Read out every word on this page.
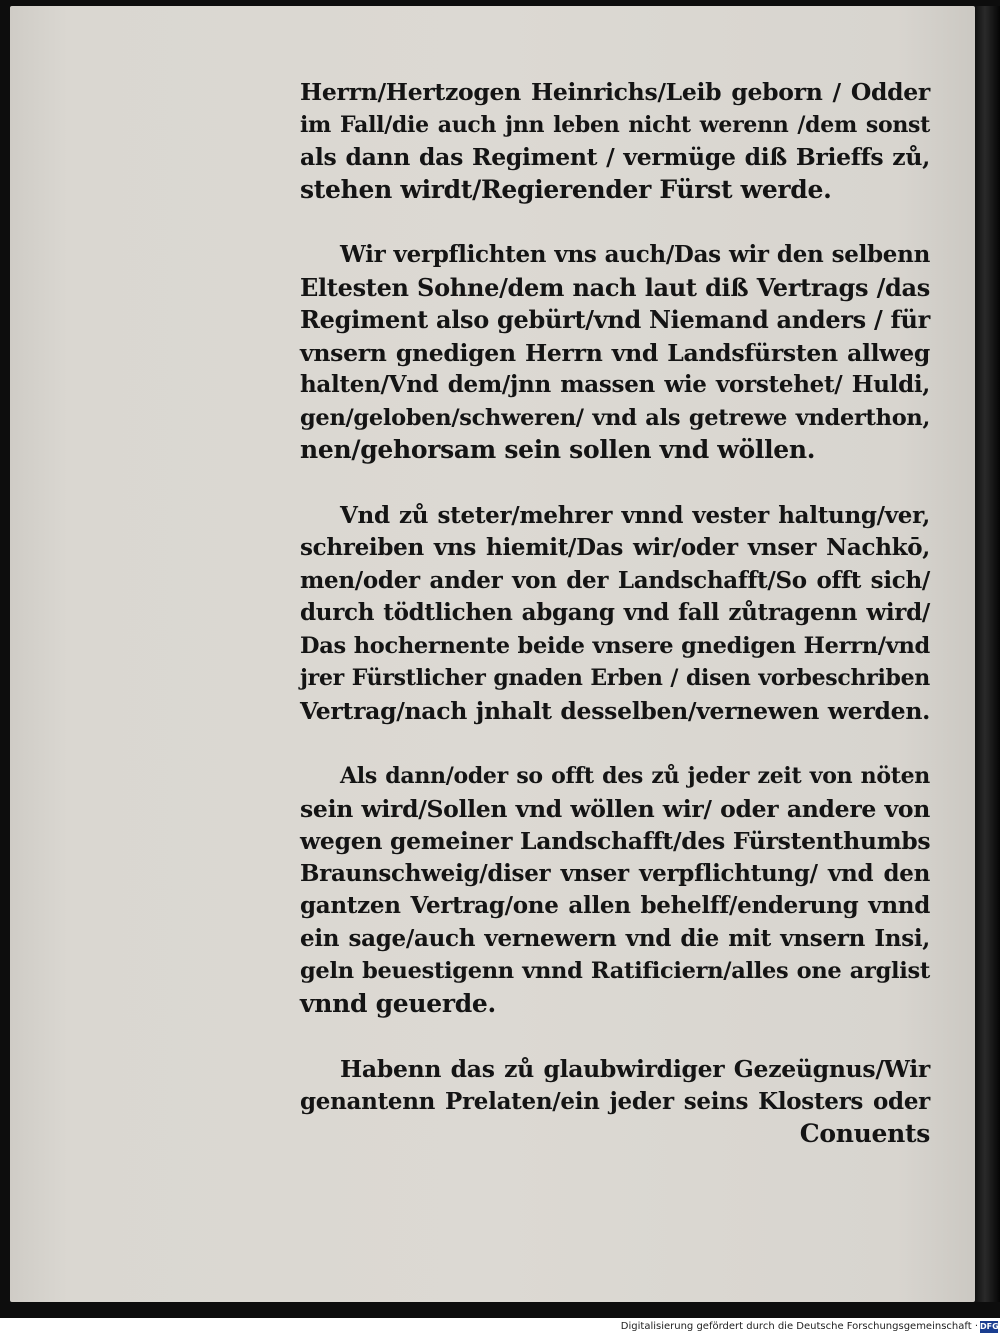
Herrn/Hertzogen Heinrichs/Leib geborn / Odder
im Fall/die auch jnn leben nicht werenn /dem sonst
als dann das Regiment / vermüge diß Brieffs zů,
stehen wirdt/Regierender Fürst werde.
Wir verpflichten vns auch/Das wir den selbenn
Eltesten Sohne/dem nach laut diß Vertrags /das
Regiment also gebürt/vnd Niemand anders / für
vnsern gnedigen Herrn vnd Landsfürsten allweg
halten/Vnd dem/jnn massen wie vorstehet/ Huldi,
gen/geloben/schweren/ vnd als getrewe vnderthon,
nen/gehorsam sein sollen vnd wöllen.
Vnd zů steter/mehrer vnnd vester haltung/ver,
schreiben vns hiemit/Das wir/oder vnser Nachkō,
men/oder ander von der Landschafft/So offt sich/
durch tödtlichen abgang vnd fall zůtragenn wird/
Das hochernente beide vnsere gnedigen Herrn/vnd
jrer Fürstlicher gnaden Erben / disen vorbeschriben
Vertrag/nach jnhalt desselben/vernewen werden.
Als dann/oder so offt des zů jeder zeit von nöten
sein wird/Sollen vnd wöllen wir/ oder andere von
wegen gemeiner Landschafft/des Fürstenthumbs
Braunschweig/diser vnser verpflichtung/ vnd den
gantzen Vertrag/one allen behelff/enderung vnnd
ein sage/auch vernewern vnd die mit vnsern Insi,
geln beuestigenn vnnd Ratificiern/alles one arglist
vnnd geuerde.
Habenn das zů glaubwirdiger Gezeügnus/Wir
genantenn Prelaten/ein jeder seins Klosters oder
Conuents
Digitalisierung gefördert durch die Deutsche Forschungsgemeinschaft · DFG
